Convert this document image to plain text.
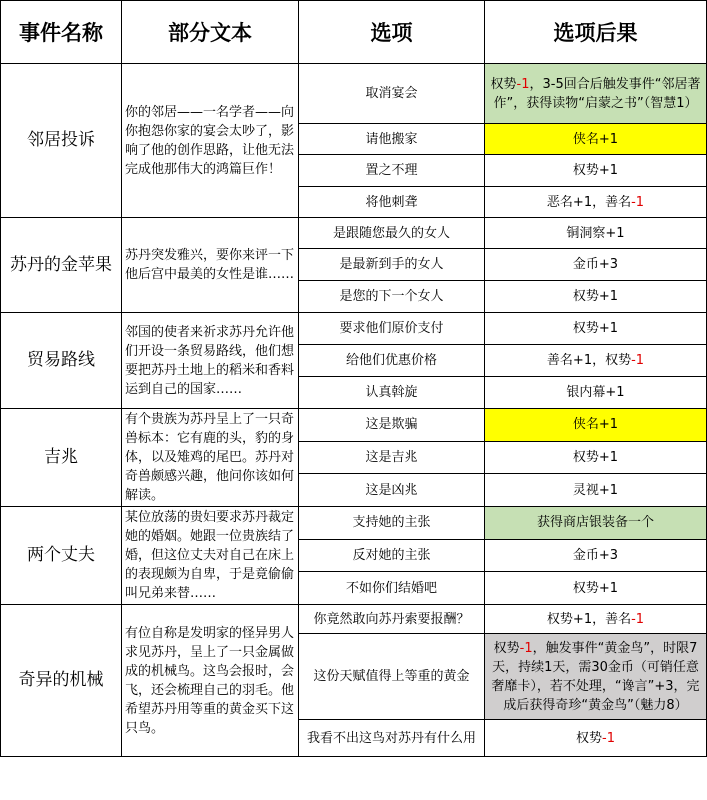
事件名称	部分文本	选项	选项后果
邻居投诉	你的邻居——一名学者——向你抱怨你家的宴会太吵了，影响了他的创作思路，让他无法完成他那伟大的鸿篇巨作！	取消宴会	权势-1，3-5回合后触发事件“邻居著作”，获得读物“启蒙之书”（智慧1）
		请他搬家	侠名+1
		置之不理	权势+1
		将他刺聋	恶名+1，善名-1
苏丹的金苹果	苏丹突发雅兴，要你来评一下他后宫中最美的女性是谁……	是跟随您最久的女人	铜洞察+1
		是最新到手的女人	金币+3
		是您的下一个女人	权势+1
贸易路线	邻国的使者来祈求苏丹允许他们开设一条贸易路线，他们想要把苏丹土地上的稻米和香料运到自己的国家……	要求他们原价支付	权势+1
		给他们优惠价格	善名+1，权势-1
		认真斡旋	银内幕+1
吉兆	有个贵族为苏丹呈上了一只奇兽标本：它有鹿的头，豹的身体，以及雉鸡的尾巴。苏丹对奇兽颇感兴趣，他问你该如何解读。	这是欺骗	侠名+1
		这是吉兆	权势+1
		这是凶兆	灵视+1
两个丈夫	某位放荡的贵妇要求苏丹裁定她的婚姻。她跟一位贵族结了婚，但这位丈夫对自己在床上的表现颇为自卑，于是竟偷偷叫兄弟来替……	支持她的主张	获得商店银装备一个
		反对她的主张	金币+3
		不如你们结婚吧	权势+1
奇异的机械	有位自称是发明家的怪异男人求见苏丹，呈上了一只金属做成的机械鸟。这鸟会报时，会飞，还会梳理自己的羽毛。他希望苏丹用等重的黄金买下这只鸟。	你竟然敢向苏丹索要报酬？	权势+1，善名-1
		这份天赋值得上等重的黄金	权势-1，触发事件“黄金鸟”，时限7天，持续1天，需30金币（可销任意奢靡卡），若不处理，“谗言”+3，完成后获得奇珍“黄金鸟”（魅力8）
		我看不出这鸟对苏丹有什么用	权势-1
